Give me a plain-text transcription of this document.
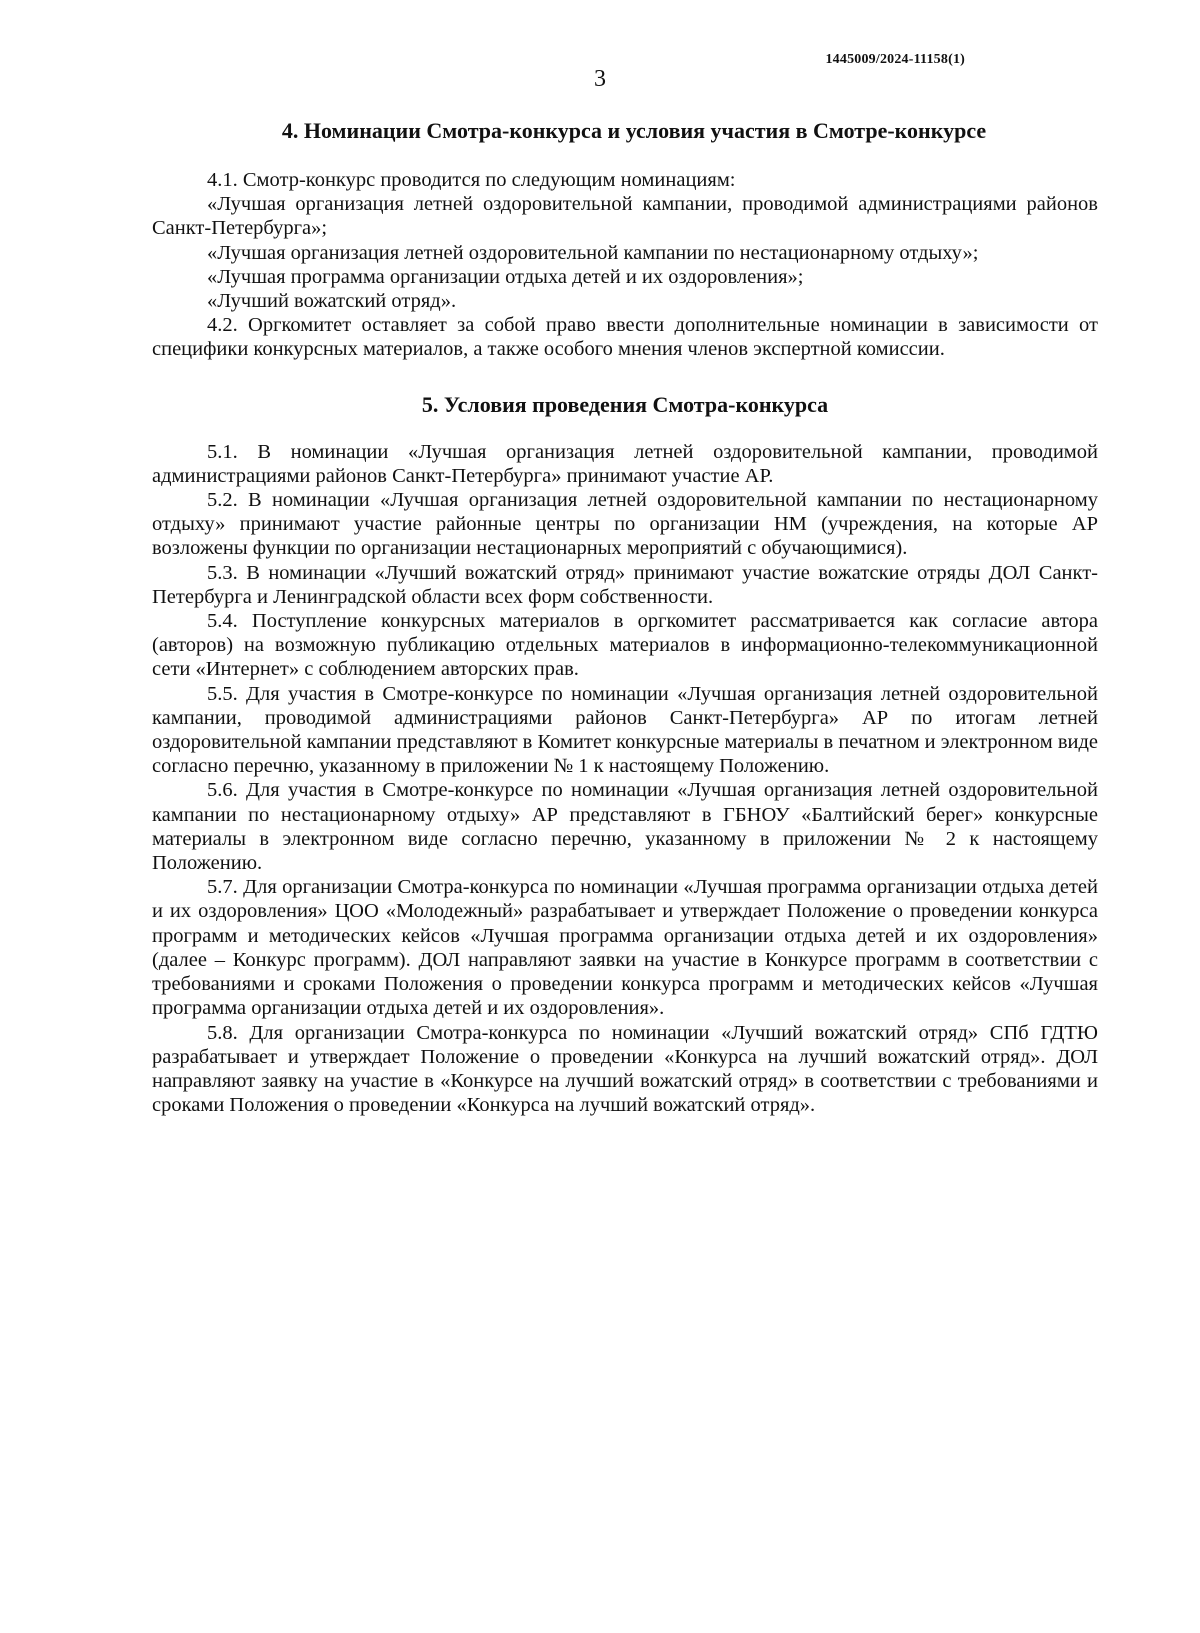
1445009/2024-11158(1)
3
4. Номинации Смотра-конкурса и условия участия в Смотре-конкурсе

4.1. Смотр-конкурс проводится по следующим номинациям:

«Лучшая организация летней оздоровительной кампании, проводимой администрациями районов Санкт-Петербурга»;

«Лучшая организация летней оздоровительной кампании по нестационарному отдыху»;

«Лучшая программа организации отдыха детей и их оздоровления»;

«Лучший вожатский отряд».

4.2. Оргкомитет оставляет за собой право ввести дополнительные номинации в зависимости от специфики конкурсных материалов, а также особого мнения членов экспертной комиссии.

5. Условия проведения Смотра-конкурса

5.1. В номинации «Лучшая организация летней оздоровительной кампании, проводимой администрациями районов Санкт-Петербурга» принимают участие АР.

5.2. В номинации «Лучшая организация летней оздоровительной кампании по нестационарному отдыху» принимают участие районные центры по организации НМ (учреждения, на которые АР возложены функции по организации нестационарных мероприятий с обучающимися).

5.3. В номинации «Лучший вожатский отряд» принимают участие вожатские отряды ДОЛ Санкт-Петербурга и Ленинградской области всех форм собственности.

5.4. Поступление конкурсных материалов в оргкомитет рассматривается как согласие автора (авторов) на возможную публикацию отдельных материалов в информационно-телекоммуникационной сети «Интернет» с соблюдением авторских прав.

5.5. Для участия в Смотре-конкурсе по номинации «Лучшая организация летней оздоровительной кампании, проводимой администрациями районов Санкт-Петербурга» АР по итогам летней оздоровительной кампании представляют в Комитет конкурсные материалы в печатном и электронном виде согласно перечню, указанному в приложении № 1 к настоящему Положению.

5.6. Для участия в Смотре-конкурсе по номинации «Лучшая организация летней оздоровительной кампании по нестационарному отдыху» АР представляют в ГБНОУ «Балтийский берег» конкурсные материалы в электронном виде согласно перечню, указанному в приложении № 2 к настоящему Положению.

5.7. Для организации Смотра-конкурса по номинации «Лучшая программа организации отдыха детей и их оздоровления» ЦОО «Молодежный» разрабатывает и утверждает Положение о проведении конкурса программ и методических кейсов «Лучшая программа организации отдыха детей и их оздоровления» (далее – Конкурс программ). ДОЛ направляют заявки на участие в Конкурсе программ в соответствии с требованиями и сроками Положения о проведении конкурса программ и методических кейсов «Лучшая программа организации отдыха детей и их оздоровления».

5.8. Для организации Смотра-конкурса по номинации «Лучший вожатский отряд» СПб ГДТЮ разрабатывает и утверждает Положение о проведении «Конкурса на лучший вожатский отряд». ДОЛ направляют заявку на участие в «Конкурсе на лучший вожатский отряд» в соответствии с требованиями и сроками Положения о проведении «Конкурса на лучший вожатский отряд».
